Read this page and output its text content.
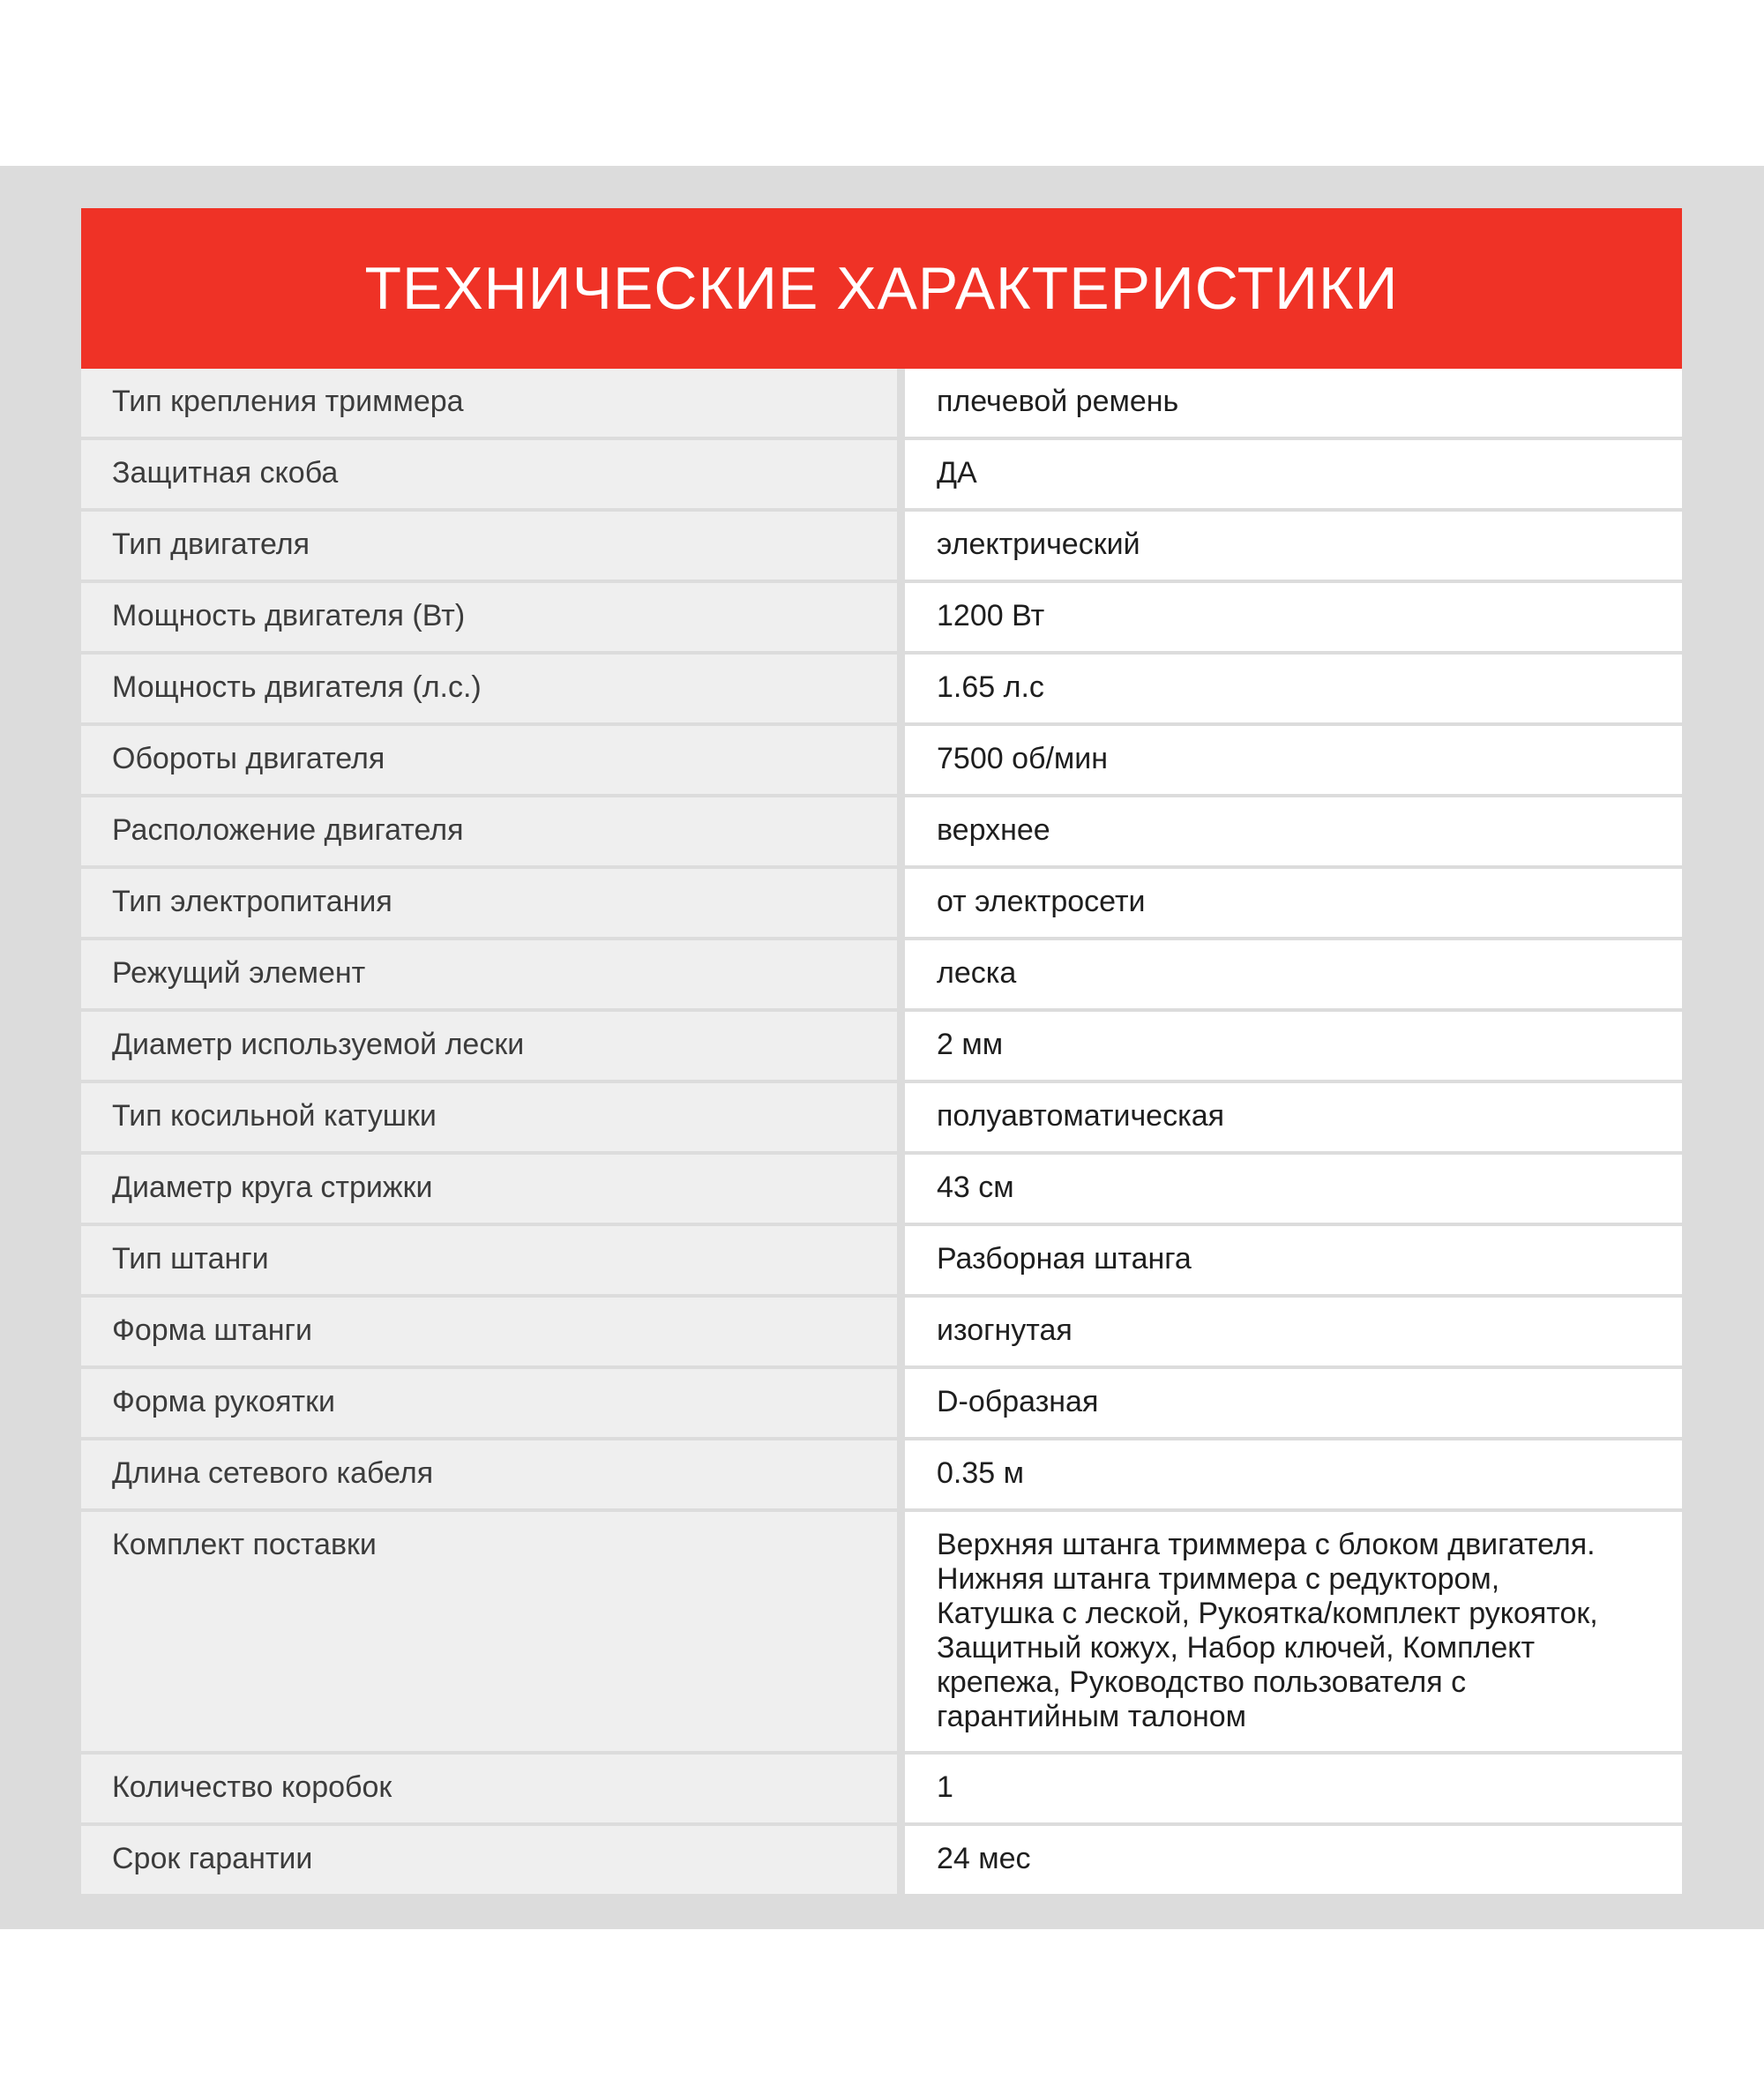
ТЕХНИЧЕСКИЕ ХАРАКТЕРИСТИКИ
Тип крепления триммера	плечевой ремень
Защитная скоба	ДА
Тип двигателя	электрический
Мощность двигателя (Вт)	1200 Вт
Мощность двигателя (л.с.)	1.65 л.с
Обороты двигателя	7500 об/мин
Расположение двигателя	верхнее
Тип электропитания	от электросети
Режущий элемент	леска
Диаметр используемой лески	2 мм
Тип косильной катушки	полуавтоматическая
Диаметр круга стрижки	43 см
Тип штанги	Разборная штанга
Форма штанги	изогнутая
Форма рукоятки	D-образная
Длина сетевого кабеля	0.35 м
Комплект поставки	Верхняя штанга триммера с блоком двигателя.
Нижняя штанга триммера с редуктором,
Катушка с леской, Рукоятка/комплект рукояток,
Защитный кожух, Набор ключей, Комплект
крепежа, Руководство пользователя с
гарантийным талоном
Количество коробок	1
Срок гарантии	24 мес
